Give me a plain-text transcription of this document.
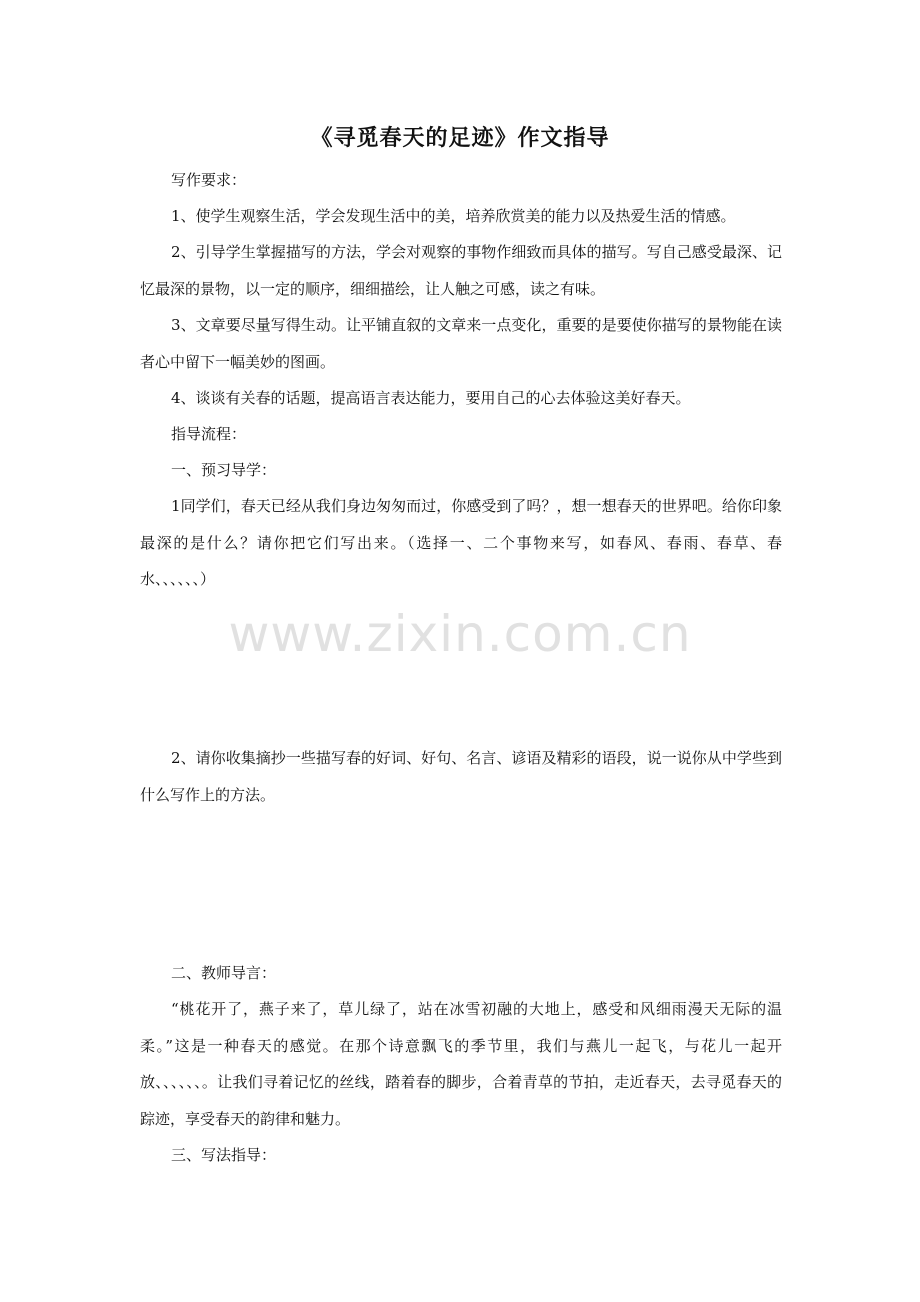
《寻觅春天的足迹》作文指导

写作要求：

1、使学生观察生活，学会发现生活中的美，培养欣赏美的能力以及热爱生活的情感。

2、引导学生掌握描写的方法，学会对观察的事物作细致而具体的描写。写自己感受最深、记忆最深的景物，以一定的顺序，细细描绘，让人触之可感，读之有味。

3、文章要尽量写得生动。让平铺直叙的文章来一点变化，重要的是要使你描写的景物能在读者心中留下一幅美妙的图画。

4、谈谈有关春的话题，提高语言表达能力，要用自己的心去体验这美好春天。

指导流程：

一、预习导学：

1同学们，春天已经从我们身边匆匆而过，你感受到了吗？，想一想春天的世界吧。给你印象最深的是什么？请你把它们写出来。（选择一、二个事物来写，如春风、春雨、春草、春水、、、、、、）

www.zixin.com.cn

2、请你收集摘抄一些描写春的好词、好句、名言、谚语及精彩的语段，说一说你从中学些到什么写作上的方法。

二、教师导言：

“桃花开了，燕子来了，草儿绿了，站在冰雪初融的大地上，感受和风细雨漫天无际的温柔。”这是一种春天的感觉。在那个诗意飘飞的季节里，我们与燕儿一起飞，与花儿一起开放、、、、、、。让我们寻着记忆的丝线，踏着春的脚步，合着青草的节拍，走近春天，去寻觅春天的踪迹，享受春天的韵律和魅力。

三、写法指导：
